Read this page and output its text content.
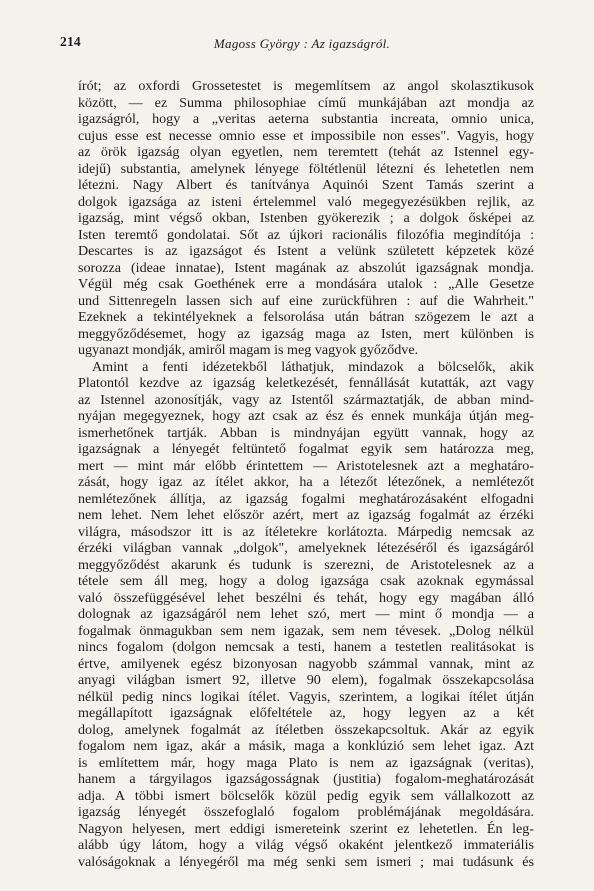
214	Magoss György : Az igazságról.
írót; az oxfordi Grossetestet is megemlítsem az angol skolasztikusok
között, — ez Summa philosophiae című munkájában azt mondja az
igazságról, hogy a „veritas aeterna substantia increata, omnio unica,
cujus esse est necesse omnio esse et impossibile non esses". Vagyis, hogy
az örök igazság olyan egyetlen, nem teremtett (tehát az Istennel egy-
idejű) substantia, amelynek lényege föltétlenül létezni és lehetetlen nem
létezni. Nagy Albert és tanítványa Aquinói Szent Tamás szerint a
dolgok igazsága az isteni értelemmel való megegyezésükben rejlik, az
igazság, mint végső okban, Istenben gyökerezik ; a dolgok ősképei az
Isten teremtő gondolatai. Sőt az újkori racionális filozófia megindítója :
Descartes is az igazságot és Istent a velünk született képzetek közé
sorozza (ideae innatae), Istent magának az abszolút igazságnak mondja.
Végül még csak Goethének erre a mondására utalok : „Alle Gesetze
und Sittenregeln lassen sich auf eine zurückführen : auf die Wahrheit."
Ezeknek a tekintélyeknek a felsorolása után bátran szögezem le azt a
meggyőződésemet, hogy az igazság maga az Isten, mert különben is
ugyanazt mondják, amiről magam is meg vagyok győződve.
Amint a fenti idézetekből láthatjuk, mindazok a bölcselők, akik
Platontól kezdve az igazság keletkezését, fennállását kutatták, azt vagy
az Istennel azonosítják, vagy az Istentől származtatják, de abban mind-
nyájan megegyeznek, hogy azt csak az ész és ennek munkája útján meg-
ismerhetőnek tartják. Abban is mindnyájan együtt vannak, hogy az
igazságnak a lényegét feltüntető fogalmat egyik sem határozza meg,
mert — mint már előbb érintettem — Aristotelesnek azt a meghatáro-
zását, hogy igaz az ítélet akkor, ha a létezőt létezőnek, a nemlétezőt
nemlétezőnek állítja, az igazság fogalmi meghatározásaként elfogadni
nem lehet. Nem lehet először azért, mert az igazság fogalmát az érzéki
világra, másodszor itt is az ítéletekre korlátozta. Márpedig nemcsak az
érzéki világban vannak „dolgok", amelyeknek létezéséről és igazságáról
meggyőződést akarunk és tudunk is szerezni, de Aristotelesnek az a
tétele sem áll meg, hogy a dolog igazsága csak azoknak egymással
való összefüggésével lehet beszélni és tehát, hogy egy magában álló
dolognak az igazságáról nem lehet szó, mert — mint ő mondja — a
fogalmak önmagukban sem nem igazak, sem nem tévesek. „Dolog nélkül
nincs fogalom (dolgon nemcsak a testi, hanem a testetlen realitásokat is
értve, amilyenek egész bizonyosan nagyobb számmal vannak, mint az
anyagi világban ismert 92, illetve 90 elem), fogalmak összekapcsolása
nélkül pedig nincs logikai ítélet. Vagyis, szerintem, a logikai ítélet útján
megállapított igazságnak előfeltétele az, hogy legyen az a két
dolog, amelynek fogalmát az ítéletben összekapcsoltuk. Akár az egyik
fogalom nem igaz, akár a másik, maga a konklúzió sem lehet igaz. Azt
is említettem már, hogy maga Plato is nem az igazságnak (veritas),
hanem a tárgyilagos igazságosságnak (justitia) fogalom-meghatározását
adja. A többi ismert bölcselők közül pedig egyik sem vállalkozott az
igazság lényegét összefoglaló fogalom problémájának megoldására.
Nagyon helyesen, mert eddigi ismereteink szerint ez lehetetlen. Én leg-
alább úgy látom, hogy a világ végső okaként jelentkező immateriális
valóságoknak a lényegéről ma még senki sem ismeri ; mai tudásunk és
